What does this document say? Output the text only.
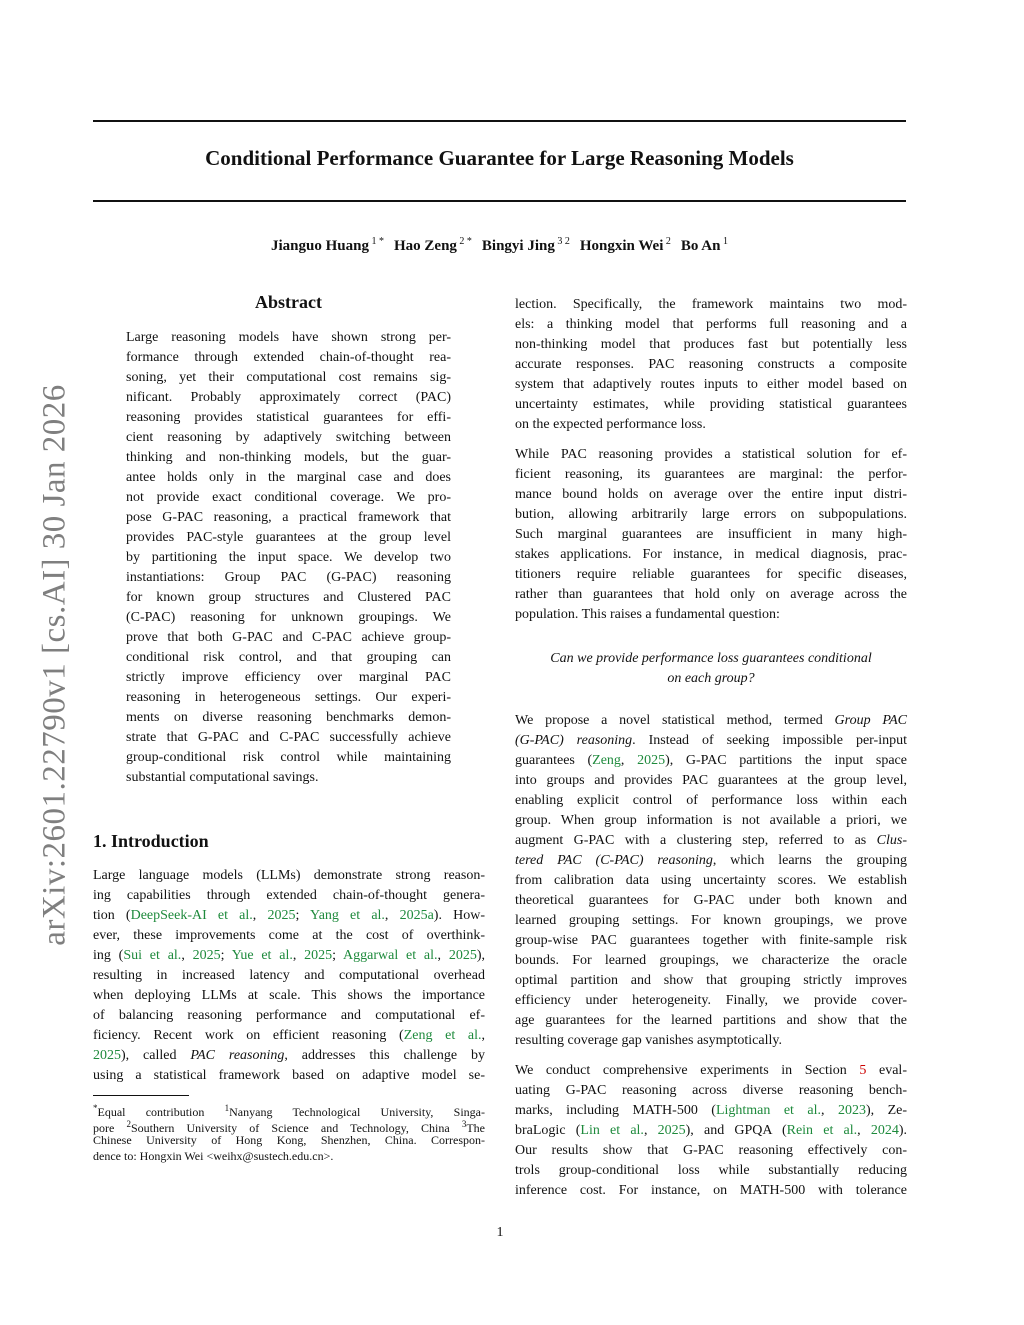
Conditional Performance Guarantee for Large Reasoning Models
Jianguo Huang $^{1 *}$ Hao Zeng $^{2 *}$ Bingyi Jing $^{3 2}$ Hongxin Wei $^2$ Bo An $^1$
arXiv:2601.22790v1 [cs.AI] 30 Jan 2026
Abstract
Large reasoning models have shown strong per-
formance through extended chain-of-thought rea-
soning, yet their computational cost remains sig-
nificant. Probably approximately correct (PAC)
reasoning provides statistical guarantees for effi-
cient reasoning by adaptively switching between
thinking and non-thinking models, but the guar-
antee holds only in the marginal case and does
not provide exact conditional coverage. We pro-
pose G-PAC reasoning, a practical framework that
provides PAC-style guarantees at the group level
by partitioning the input space. We develop two
instantiations: Group PAC (G-PAC) reasoning
for known group structures and Clustered PAC
(C-PAC) reasoning for unknown groupings. We
prove that both G-PAC and C-PAC achieve group-
conditional risk control, and that grouping can
strictly improve efficiency over marginal PAC
reasoning in heterogeneous settings. Our experi-
ments on diverse reasoning benchmarks demon-
strate that G-PAC and C-PAC successfully achieve
group-conditional risk control while maintaining
substantial computational savings.
1. Introduction
Large language models (LLMs) demonstrate strong reason-
ing capabilities through extended chain-of-thought genera-
tion (DeepSeek-AI et al., 2025; Yang et al., 2025a). How-
ever, these improvements come at the cost of overthink-
ing (Sui et al., 2025; Yue et al., 2025; Aggarwal et al., 2025),
resulting in increased latency and computational overhead
when deploying LLMs at scale. This shows the importance
of balancing reasoning performance and computational ef-
ficiency. Recent work on efficient reasoning (Zeng et al.,
2025), called PAC reasoning, addresses this challenge by
using a statistical framework based on adaptive model se-
*Equal contribution $^1$Nanyang Technological University, Singa-
pore $^2$Southern University of Science and Technology, China $^3$The
Chinese University of Hong Kong, Shenzhen, China. Correspon-
dence to: Hongxin Wei <weihx@sustech.edu.cn>.
lection. Specifically, the framework maintains two mod-
els: a thinking model that performs full reasoning and a
non-thinking model that produces fast but potentially less
accurate responses. PAC reasoning constructs a composite
system that adaptively routes inputs to either model based on
uncertainty estimates, while providing statistical guarantees
on the expected performance loss.
While PAC reasoning provides a statistical solution for ef-
ficient reasoning, its guarantees are marginal: the perfor-
mance bound holds on average over the entire input distri-
bution, allowing arbitrarily large errors on subpopulations.
Such marginal guarantees are insufficient in many high-
stakes applications. For instance, in medical diagnosis, prac-
titioners require reliable guarantees for specific diseases,
rather than guarantees that hold only on average across the
population. This raises a fundamental question:
Can we provide performance loss guarantees conditional
on each group?
We propose a novel statistical method, termed Group PAC
(G-PAC) reasoning. Instead of seeking impossible per-input
guarantees (Zeng, 2025), G-PAC partitions the input space
into groups and provides PAC guarantees at the group level,
enabling explicit control of performance loss within each
group. When group information is not available a priori, we
augment G-PAC with a clustering step, referred to as Clus-
tered PAC (C-PAC) reasoning, which learns the grouping
from calibration data using uncertainty scores. We establish
theoretical guarantees for G-PAC under both known and
learned grouping settings. For known groupings, we prove
group-wise PAC guarantees together with finite-sample risk
bounds. For learned groupings, we characterize the oracle
optimal partition and show that grouping strictly improves
efficiency under heterogeneity. Finally, we provide cover-
age guarantees for the learned partitions and show that the
resulting coverage gap vanishes asymptotically.
We conduct comprehensive experiments in Section 5 eval-
uating G-PAC reasoning across diverse reasoning bench-
marks, including MATH-500 (Lightman et al., 2023), Ze-
braLogic (Lin et al., 2025), and GPQA (Rein et al., 2024).
Our results show that G-PAC reasoning effectively con-
trols group-conditional loss while substantially reducing
inference cost. For instance, on MATH-500 with tolerance
1
